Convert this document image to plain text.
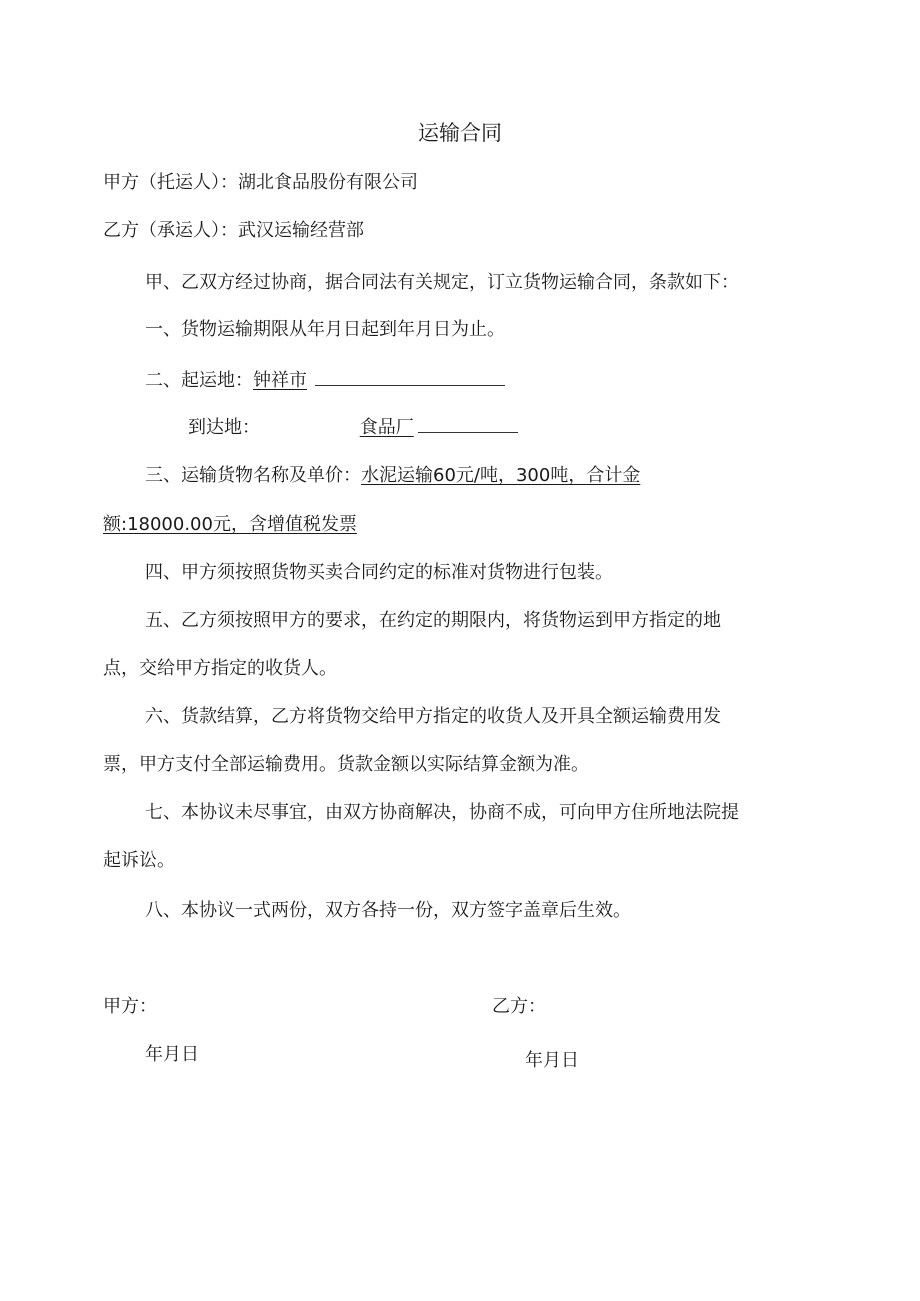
运输合同
甲方（托运人）：湖北食品股份有限公司
乙方（承运人）：武汉运输经营部
甲、乙双方经过协商，据合同法有关规定，订立货物运输合同，条款如下：
一、货物运输期限从年月日起到年月日为止。
二、起运地：钟祥市
到达地：	食品厂
三、运输货物名称及单价：水泥运输60元/吨，300吨，合计金
额:18000.00元，含增值税发票
四、甲方须按照货物买卖合同约定的标准对货物进行包装。
五、乙方须按照甲方的要求，在约定的期限内，将货物运到甲方指定的地
点，交给甲方指定的收货人。
六、货款结算，乙方将货物交给甲方指定的收货人及开具全额运输费用发
票，甲方支付全部运输费用。货款金额以实际结算金额为准。
七、本协议未尽事宜，由双方协商解决，协商不成，可向甲方住所地法院提
起诉讼。
八、本协议一式两份，双方各持一份，双方签字盖章后生效。
甲方：	乙方：
年月日	年月日
